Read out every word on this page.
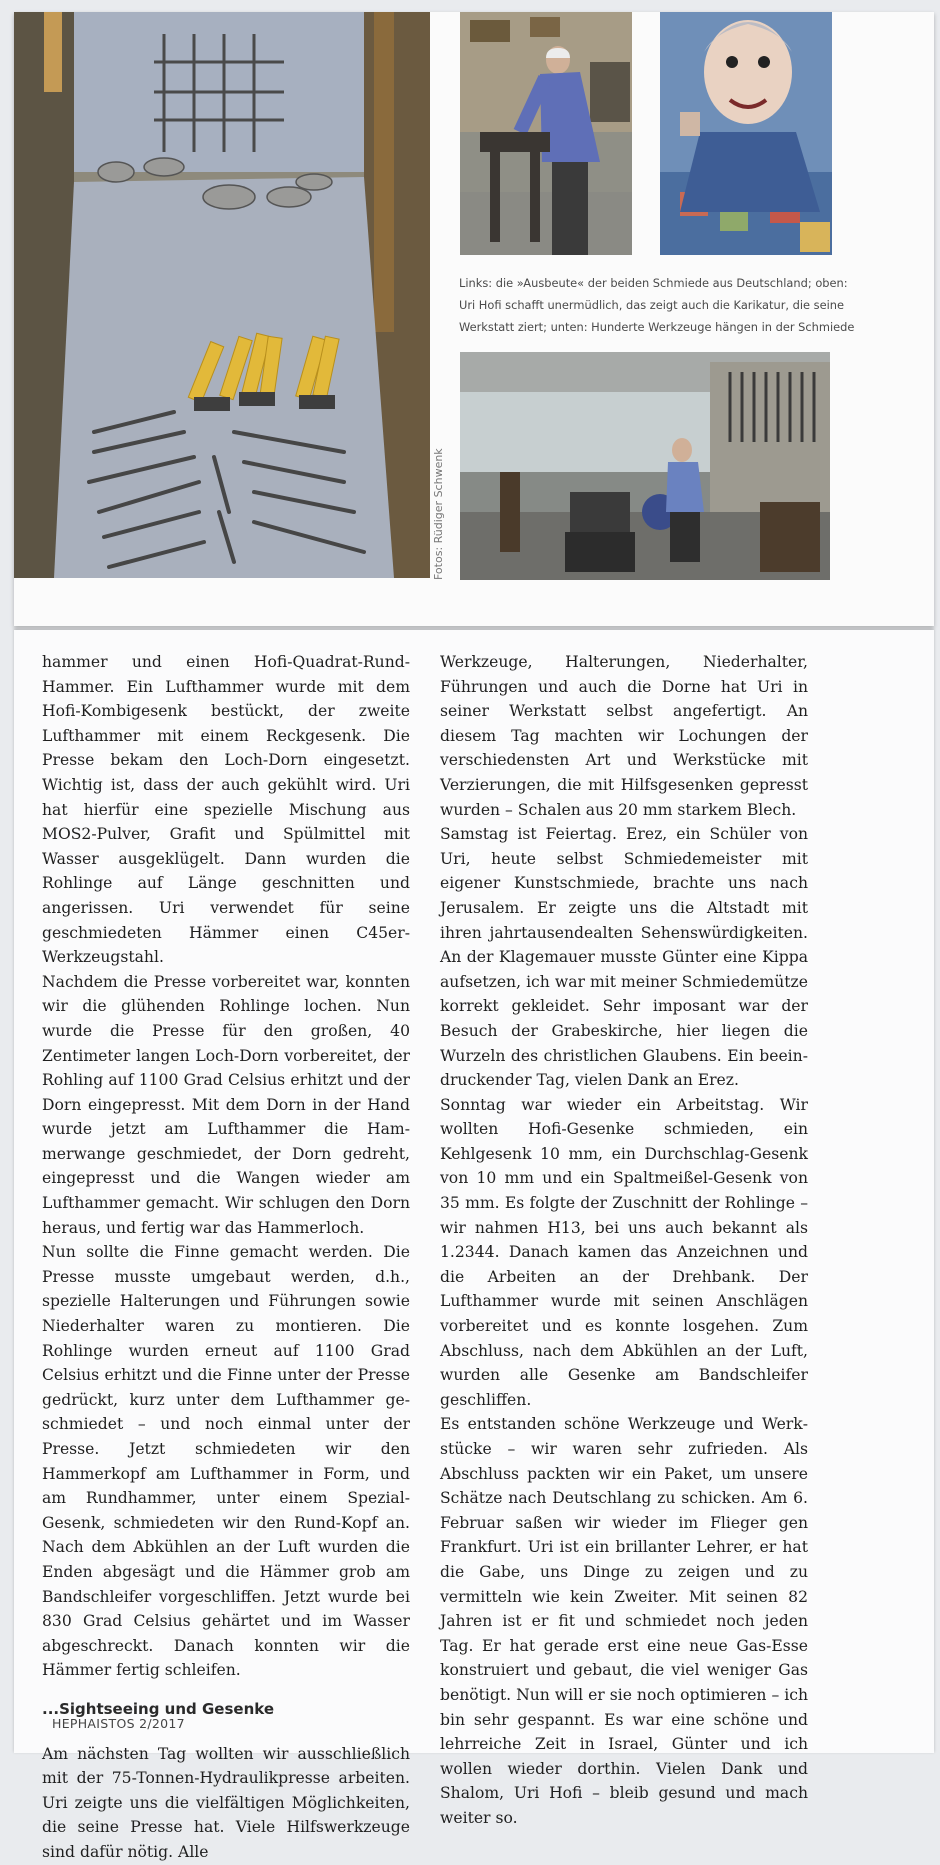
Links: die »Ausbeute« der beiden Schmiede aus Deutschland; oben:

Uri Hofi schafft unermüdlich, das zeigt auch die Karikatur, die seine

Werkstatt ziert; unten: Hunderte Werkzeuge hängen in der Schmiede

Fotos: Rüdiger Schwenk

hammer und einen Hofi-Quadrat-Rund-Hammer. Ein Lufthammer wurde mit dem Hofi-Kombigesenk bestückt, der zweite Lufthammer mit einem Reckgesenk. Die Presse bekam den Loch-Dorn eingesetzt. Wichtig ist, dass der auch gekühlt wird. Uri hat hierfür eine spezielle Mischung aus MOS2-Pulver, Grafit und Spülmittel mit Wasser ausgeklügelt. Dann wurden die Rohlinge auf Länge geschnitten und angerissen. Uri verwendet für seine geschmiedeten Hämmer einen C45er-Werkzeugstahl.

Nachdem die Presse vorbereitet war, konnten wir die glühenden Rohlinge lochen. Nun wurde die Presse für den großen, 40 Zentimeter langen Loch-Dorn vorbereitet, der Rohling auf 1100 Grad Celsius erhitzt und der Dorn eingepresst. Mit dem Dorn in der Hand wurde jetzt am Lufthammer die Hammerwange geschmiedet, der Dorn gedreht, eingepresst und die Wangen wieder am Lufthammer gemacht. Wir schlugen den Dorn heraus, und fertig war das Hammerloch.

Nun sollte die Finne gemacht werden. Die Presse musste umgebaut werden, d.h., spezielle Halterungen und Führungen sowie Niederhalter waren zu montieren. Die Rohlinge wurden erneut auf 1100 Grad Celsius erhitzt und die Finne unter der Presse gedrückt, kurz unter dem Lufthammer geschmiedet – und noch einmal unter der Presse. Jetzt schmiedeten wir den Hammerkopf am Lufthammer in Form, und am Rundhammer, unter einem Spezial-Gesenk, schmiedeten wir den Rund-Kopf an. Nach dem Abkühlen an der Luft wurden die Enden abgesägt und die Hämmer grob am Bandschleifer vorgeschliffen. Jetzt wurde bei 830 Grad Celsius gehärtet und im Wasser abgeschreckt. Danach konnten wir die Hämmer fertig schleifen.

...Sightseeing und Gesenke

Am nächsten Tag wollten wir ausschließlich mit der 75-Tonnen-Hydraulikpresse arbeiten. Uri zeigte uns die vielfältigen Möglichkeiten, die seine Presse hat. Viele Hilfswerkzeuge sind dafür nötig. Alle

Werkzeuge, Halterungen, Niederhalter, Führungen und auch die Dorne hat Uri in seiner Werkstatt selbst angefertigt. An diesem Tag machten wir Lochungen der verschiedensten Art und Werkstücke mit Verzierungen, die mit Hilfsgesenken gepresst wurden – Schalen aus 20 mm starkem Blech.

Samstag ist Feiertag. Erez, ein Schüler von Uri, heute selbst Schmiedemeister mit eigener Kunstschmiede, brachte uns nach Jerusalem. Er zeigte uns die Altstadt mit ihren jahrtausendealten Sehenswürdigkeiten. An der Klagemauer musste Günter eine Kippa aufsetzen, ich war mit meiner Schmiedemütze korrekt gekleidet. Sehr imposant war der Besuch der Grabeskirche, hier liegen die Wurzeln des christlichen Glaubens. Ein beeindruckender Tag, vielen Dank an Erez.

Sonntag war wieder ein Arbeitstag. Wir wollten Hofi-Gesenke schmieden, ein Kehlgesenk 10 mm, ein Durchschlag-Gesenk von 10 mm und ein Spaltmeißel-Gesenk von 35 mm. Es folgte der Zuschnitt der Rohlinge – wir nahmen H13, bei uns auch bekannt als 1.2344. Danach kamen das Anzeichnen und die Arbeiten an der Drehbank. Der Lufthammer wurde mit seinen Anschlägen vorbereitet und es konnte losgehen. Zum Abschluss, nach dem Abkühlen an der Luft, wurden alle Gesenke am Bandschleifer geschliffen.

Es entstanden schöne Werkzeuge und Werkstücke – wir waren sehr zufrieden. Als Abschluss packten wir ein Paket, um unsere Schätze nach Deutschlang zu schicken. Am 6. Februar saßen wir wieder im Flieger gen Frankfurt. Uri ist ein brillanter Lehrer, er hat die Gabe, uns Dinge zu zeigen und zu vermitteln wie kein Zweiter. Mit seinen 82 Jahren ist er fit und schmiedet noch jeden Tag. Er hat gerade erst eine neue Gas-Esse konstruiert und gebaut, die viel weniger Gas benötigt. Nun will er sie noch optimieren – ich bin sehr gespannt. Es war eine schöne und lehrreiche Zeit in Israel, Günter und ich wollen wieder dorthin. Vielen Dank und Shalom, Uri Hofi – bleib gesund und mach weiter so.

HEPHAISTOS 2/2017
